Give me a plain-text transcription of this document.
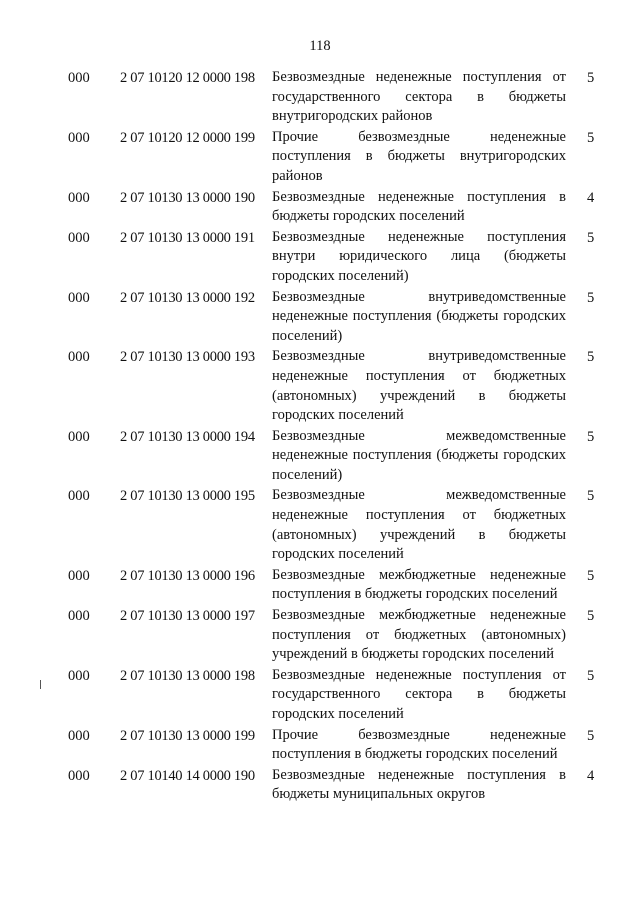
118
000 2 07 10120 12 0000 198 Безвозмездные неденежные поступления от государственного сектора в бюджеты внутригородских районов
5
000 2 07 10120 12 0000 199 Прочие безвозмездные неденежные поступления в бюджеты внутригородских районов
5
000 2 07 10130 13 0000 190 Безвозмездные неденежные поступления в бюджеты городских поселений
4
000 2 07 10130 13 0000 191 Безвозмездные неденежные поступления внутри юридического лица (бюджеты городских поселений)
5
000 2 07 10130 13 0000 192 Безвозмездные внутриведомственные неденежные поступления (бюджеты городских поселений)
5
000 2 07 10130 13 0000 193 Безвозмездные внутриведомственные неденежные поступления от бюджетных (автономных) учреждений в бюджеты городских поселений
5
000 2 07 10130 13 0000 194 Безвозмездные межведомственные неденежные поступления (бюджеты городских поселений)
5
000 2 07 10130 13 0000 195 Безвозмездные межведомственные неденежные поступления от бюджетных (автономных) учреждений в бюджеты городских поселений
5
000 2 07 10130 13 0000 196 Безвозмездные межбюджетные неденежные поступления в бюджеты городских поселений
5
000 2 07 10130 13 0000 197 Безвозмездные межбюджетные неденежные поступления от бюджетных (автономных) учреждений в бюджеты городских поселений
5
000 2 07 10130 13 0000 198 Безвозмездные неденежные поступления от государственного сектора в бюджеты городских поселений
5
000 2 07 10130 13 0000 199 Прочие безвозмездные неденежные поступления в бюджеты городских поселений
5
000 2 07 10140 14 0000 190 Безвозмездные неденежные поступления в бюджеты муниципальных округов
4
